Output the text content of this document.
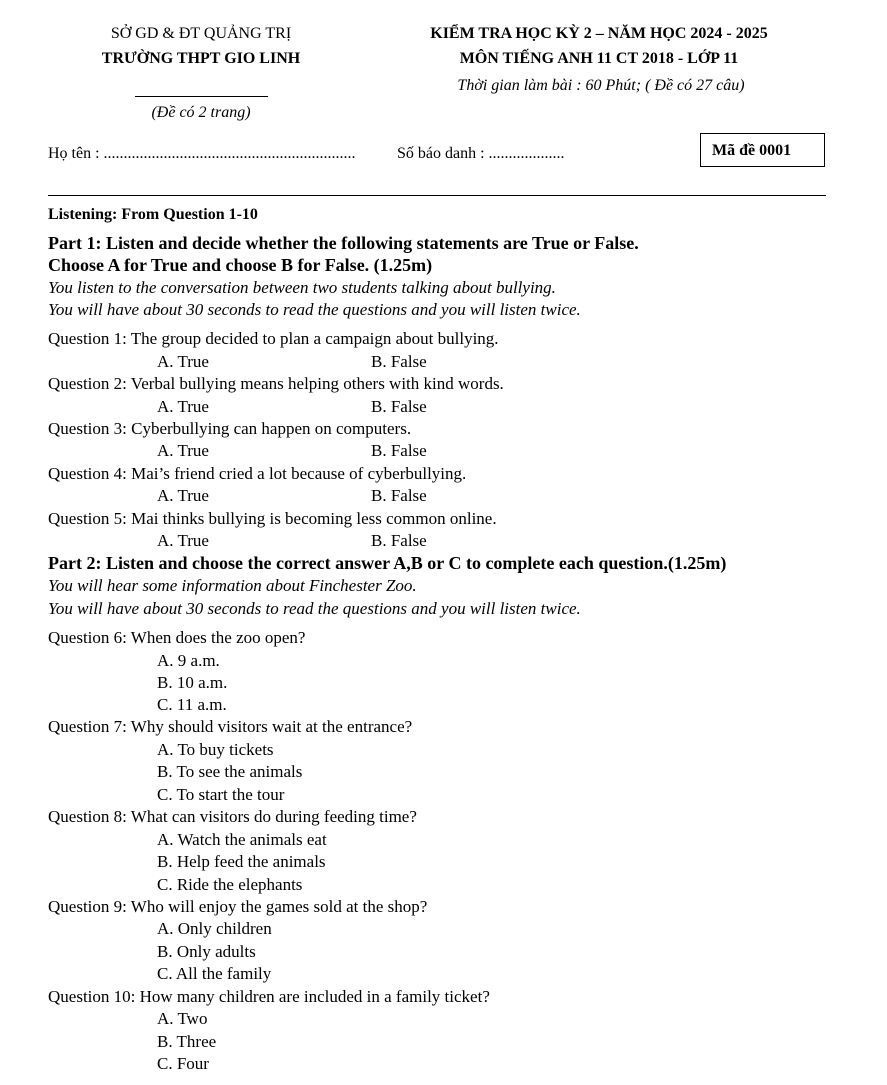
SỞ GD & ĐT QUẢNG TRỊ
TRƯỜNG THPT GIO LINH
(Đề có 2 trang)
KIỂM TRA HỌC KỲ 2 – NĂM HỌC 2024 - 2025
MÔN TIẾNG ANH 11 CT 2018 - LỚP 11
Thời gian làm bài : 60 Phút; ( Đề có 27 câu)
Họ tên : ...............................................................	Số báo danh : ...................	Mã đề 0001
Listening: From Question 1-10
Part 1: Listen and decide whether the following statements are True or False.
Choose A for True and choose B for False. (1.25m)
You listen to the conversation between two students talking about bullying.
You will have about 30 seconds to read the questions and you will listen twice.
Question 1: The group decided to plan a campaign about bullying.
A. True	B. False
Question 2: Verbal bullying means helping others with kind words.
A. True	B. False
Question 3: Cyberbullying can happen on computers.
A. True	B. False
Question 4: Mai’s friend cried a lot because of cyberbullying.
A. True	B. False
Question 5: Mai thinks bullying is becoming less common online.
A. True	B. False
Part 2: Listen and choose the correct answer A,B or C to complete each question.(1.25m)
You will hear some information about Finchester Zoo.
You will have about 30 seconds to read the questions and you will listen twice.
Question 6: When does the zoo open?
A. 9 a.m.
B. 10 a.m.
C. 11 a.m.
Question 7: Why should visitors wait at the entrance?
A. To buy tickets
B. To see the animals
C. To start the tour
Question 8: What can visitors do during feeding time?
A. Watch the animals eat
B. Help feed the animals
C. Ride the elephants
Question 9: Who will enjoy the games sold at the shop?
A. Only children
B. Only adults
C. All the family
Question 10: How many children are included in a family ticket?
A. Two
B. Three
C. Four
